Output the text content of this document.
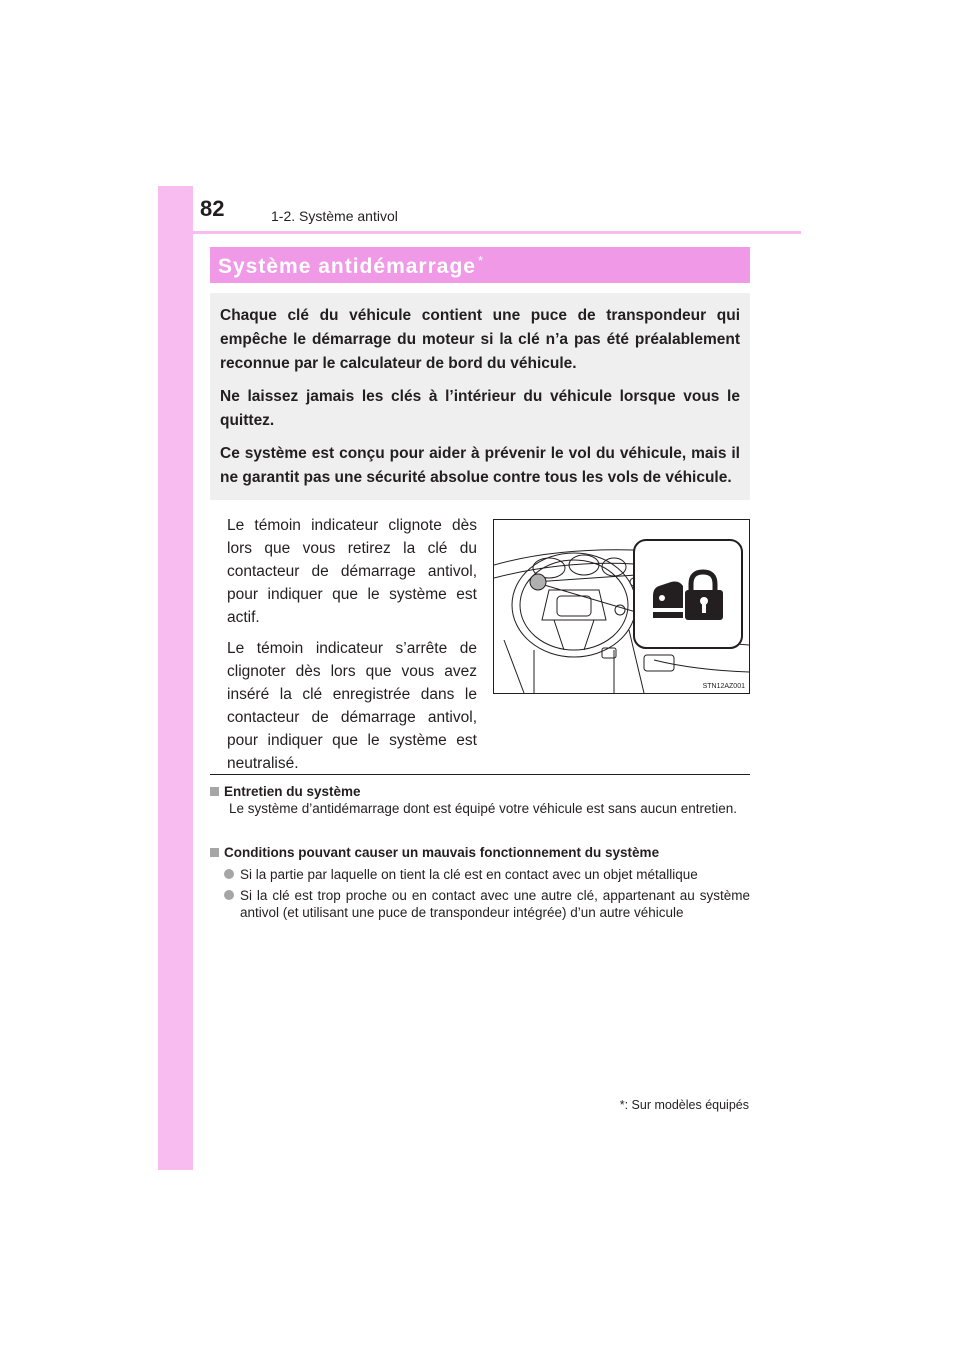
82	1-2. Système antivol
Système antidémarrage *

Chaque clé du véhicule contient une puce de transpondeur qui empêche le démarrage du moteur si la clé n’a pas été préalablement reconnue par le calculateur de bord du véhicule.

Ne laissez jamais les clés à l’intérieur du véhicule lorsque vous le quittez.

Ce système est conçu pour aider à prévenir le vol du véhicule, mais il ne garantit pas une sécurité absolue contre tous les vols de véhicule.

Le témoin indicateur clignote dès lors que vous retirez la clé du contacteur de démarrage antivol, pour indiquer que le système est actif.

Le témoin indicateur s’arrête de clignoter dès lors que vous avez inséré la clé enregistrée dans le contacteur de démarrage antivol, pour indiquer que le système est neutralisé.

STN12AZ001
Entretien du système
Le système d’antidémarrage dont est équipé votre véhicule est sans aucun entretien.
Conditions pouvant causer un mauvais fonctionnement du système
Si la partie par laquelle on tient la clé est en contact avec un objet métallique
Si la clé est trop proche ou en contact avec une autre clé, appartenant au système antivol (et utilisant une puce de transpondeur intégrée) d’un autre véhicule
*: Sur modèles équipés
